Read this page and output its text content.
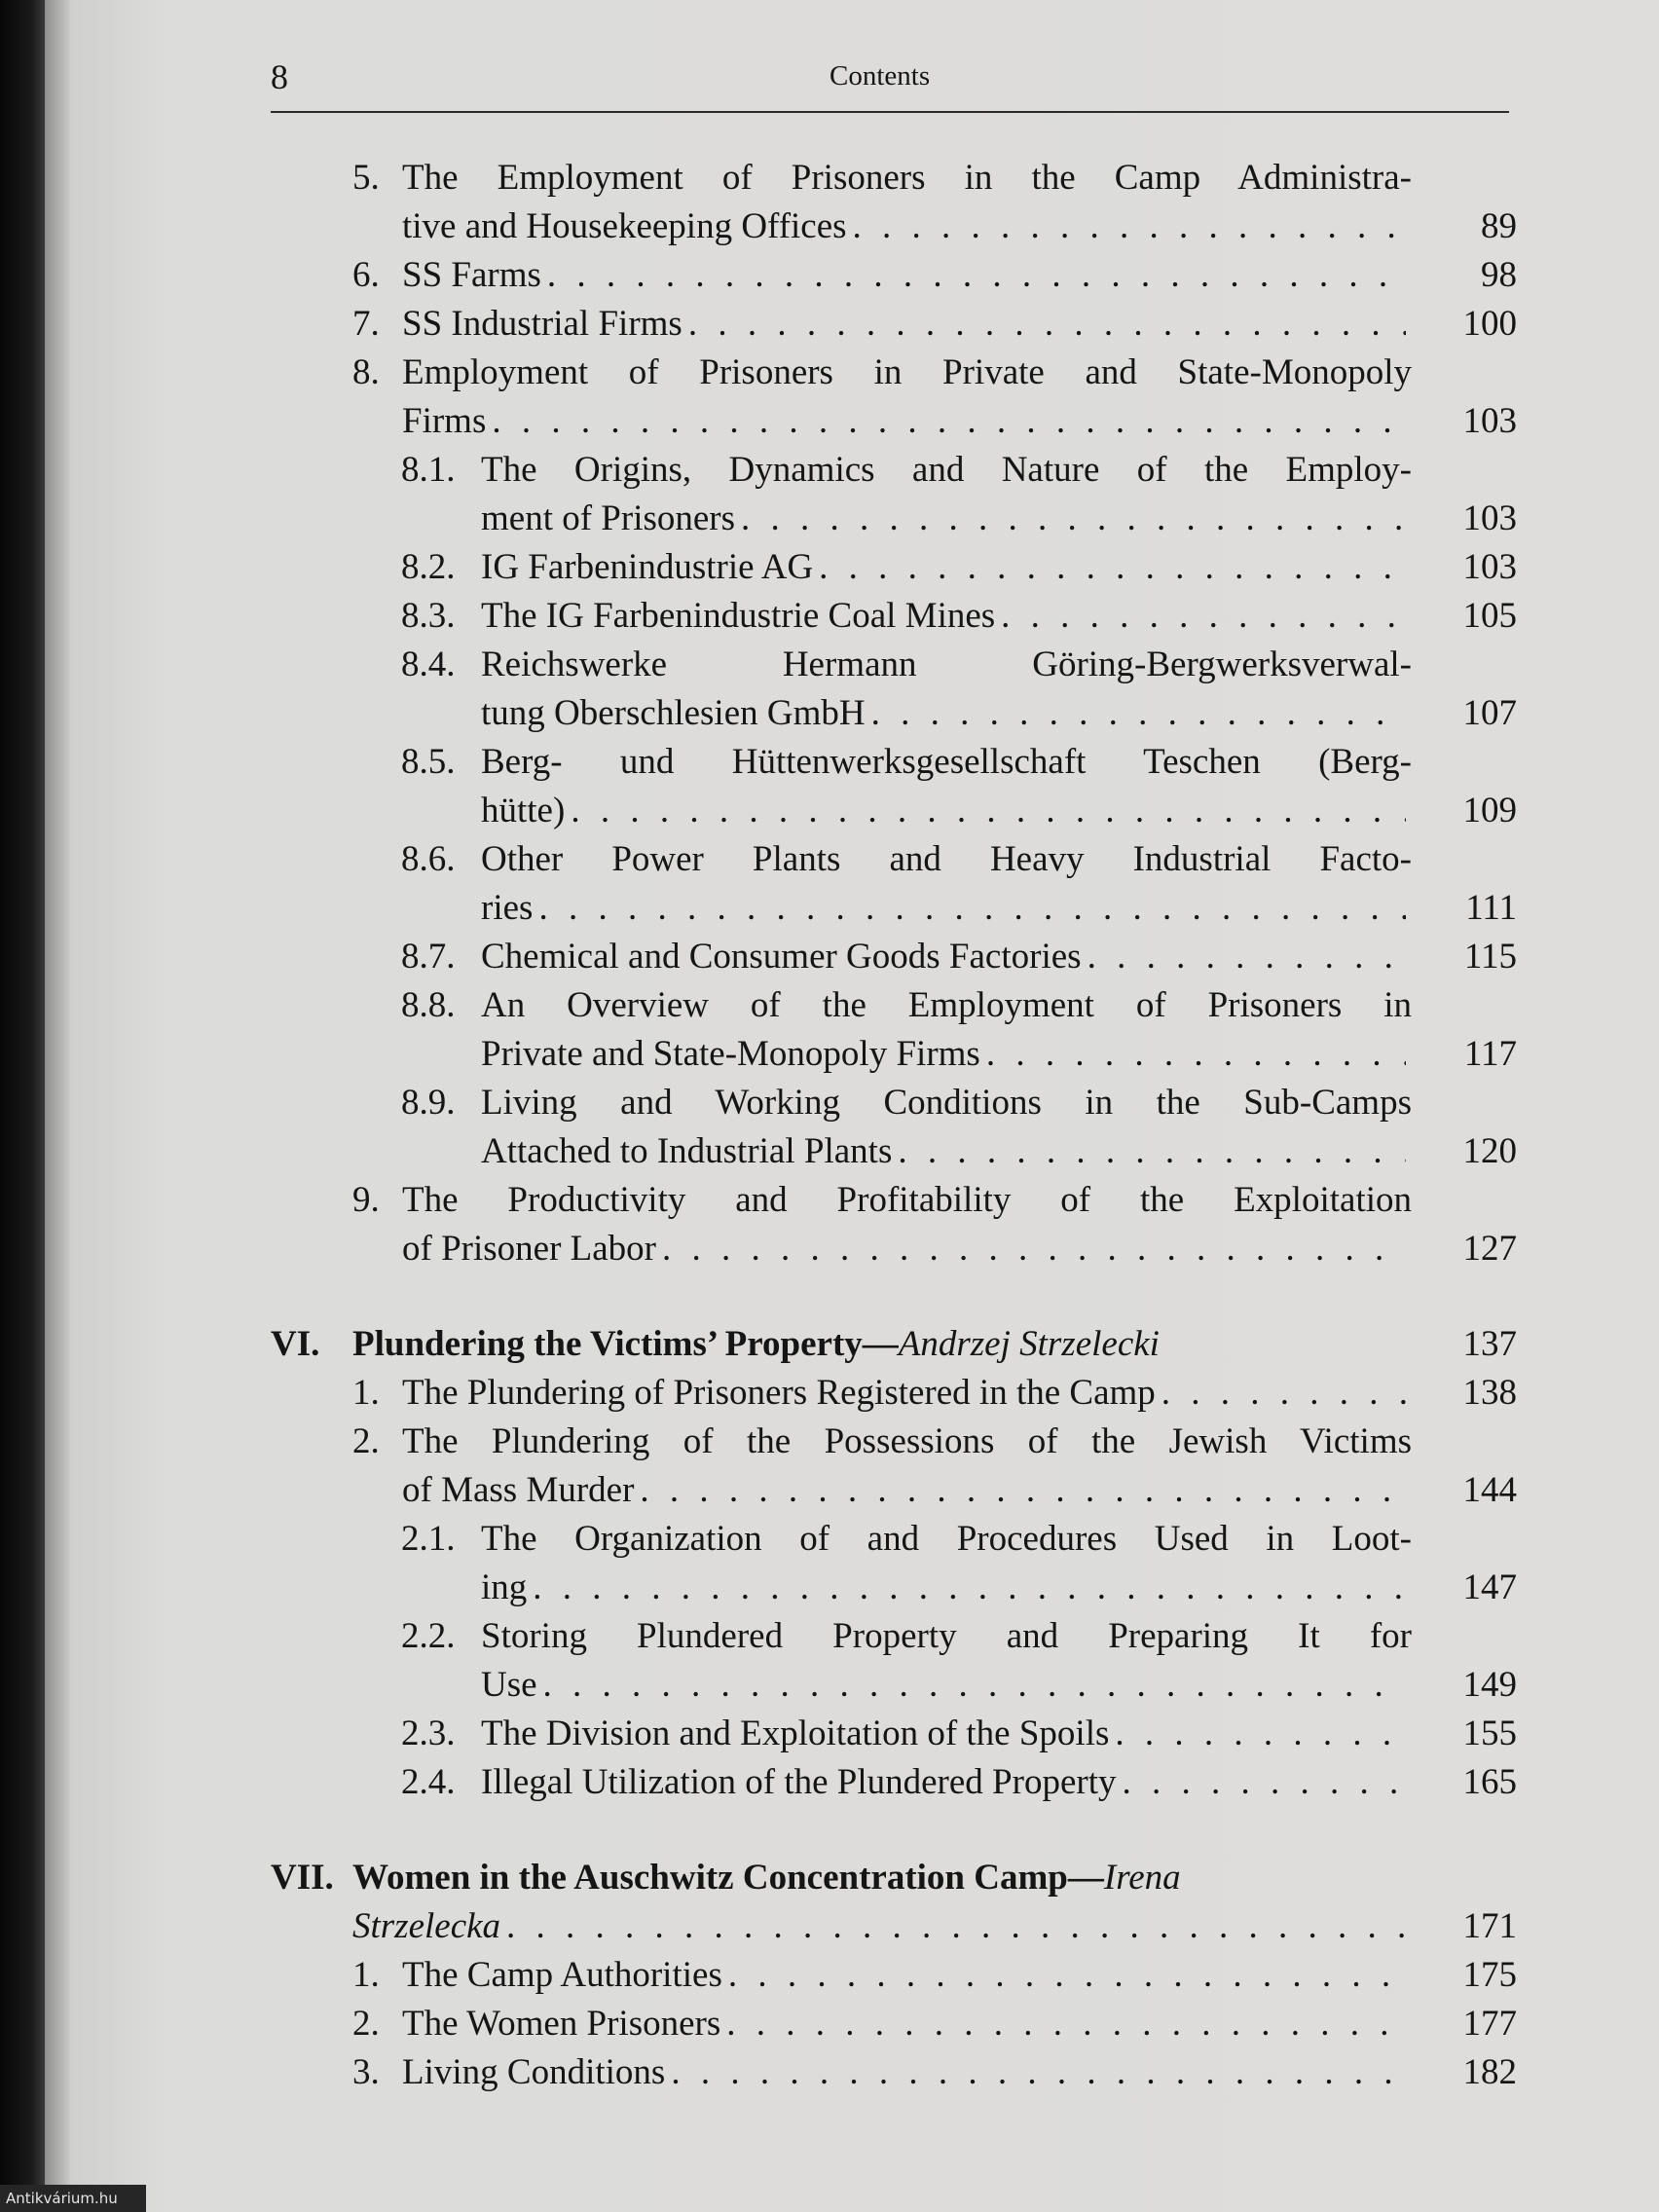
8	Contents
5. The Employment of Prisoners in the Camp Administra-
tive and Housekeeping Offices . . .	89
6. SS Farms . . .	98
7. SS Industrial Firms . . .	100
8. Employment of Prisoners in Private and State-Monopoly
Firms . . .	103
8.1. The Origins, Dynamics and Nature of the Employ-
ment of Prisoners . . .	103
8.2. IG Farbenindustrie AG . . .	103
8.3. The IG Farbenindustrie Coal Mines . . .	105
8.4. Reichswerke Hermann Göring-Bergwerksverwal-
tung Oberschlesien GmbH . . .	107
8.5. Berg- und Hüttenwerksgesellschaft Teschen (Berg-
hütte) . . .	109
8.6. Other Power Plants and Heavy Industrial Facto-
ries . . .	111
8.7. Chemical and Consumer Goods Factories . . .	115
8.8. An Overview of the Employment of Prisoners in
Private and State-Monopoly Firms . . .	117
8.9. Living and Working Conditions in the Sub-Camps
Attached to Industrial Plants . . .	120
9. The Productivity and Profitability of the Exploitation
of Prisoner Labor . . .	127
VI. Plundering the Victims’ Property—Andrzej Strzelecki	137
1. The Plundering of Prisoners Registered in the Camp . . .	138
2. The Plundering of the Possessions of the Jewish Victims
of Mass Murder . . .	144
2.1. The Organization of and Procedures Used in Loot-
ing . . .	147
2.2. Storing Plundered Property and Preparing It for
Use . . .	149
2.3. The Division and Exploitation of the Spoils . . .	155
2.4. Illegal Utilization of the Plundered Property . . .	165
VII. Women in the Auschwitz Concentration Camp—Irena
Strzelecka . . .	171
1. The Camp Authorities . . .	175
2. The Women Prisoners . . .	177
3. Living Conditions . . .	182
Antikvárium.hu
